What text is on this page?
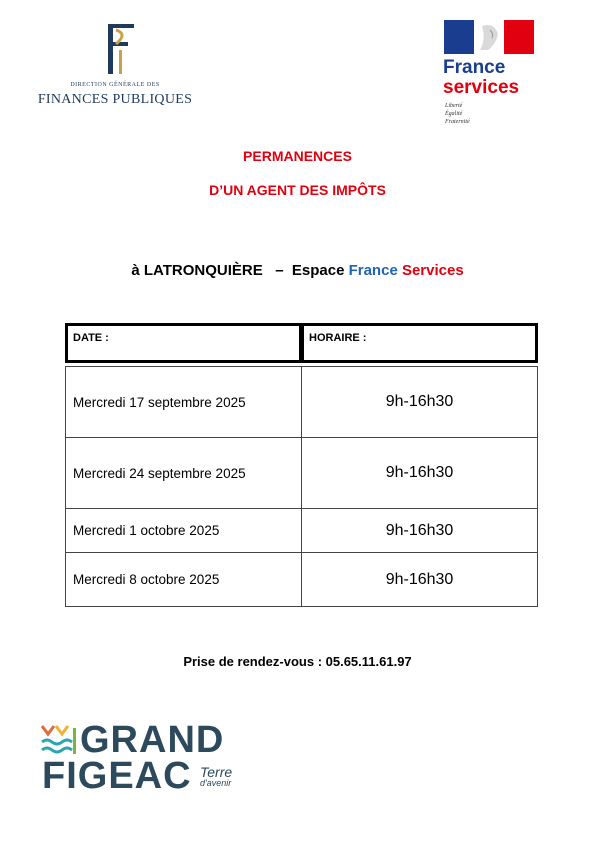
DIRECTION GÉNÉRALE DES
FINANCES PUBLIQUES
France
services
Liberté
Égalité
Fraternité
PERMANENCES
D’UN AGENT DES IMPÔTS
à LATRONQUIÈRE   –  Espace France Services
DATE :	HORAIRE :
Mercredi 17 septembre 2025	9h-16h30
Mercredi 24 septembre 2025	9h-16h30
Mercredi 1 octobre 2025	9h-16h30
Mercredi 8 octobre 2025	9h-16h30
Prise de rendez-vous : 05.65.11.61.97
GRAND
FIGEAC Terre
d'avenir
